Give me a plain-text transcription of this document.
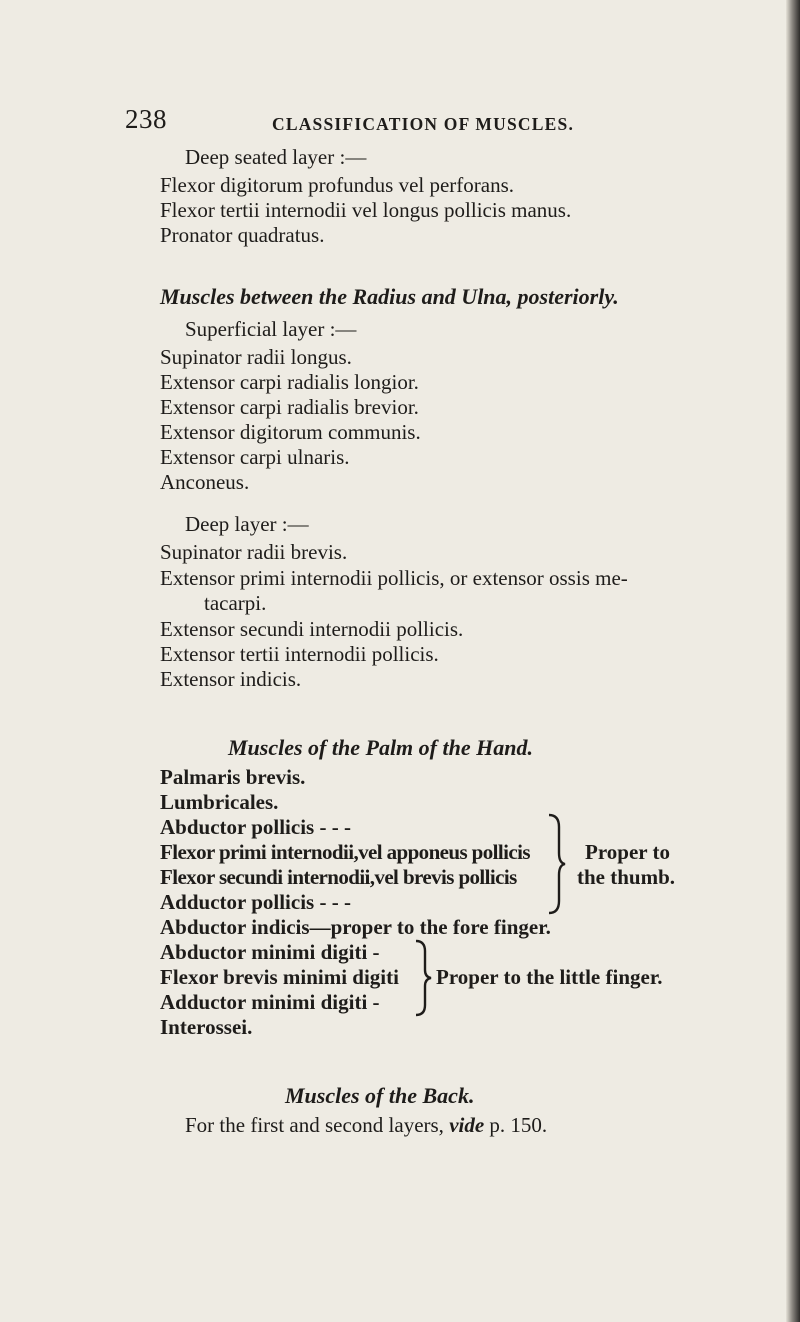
238	CLASSIFICATION OF MUSCLES.
Deep seated layer :—
Flexor digitorum profundus vel perforans.
Flexor tertii internodii vel longus pollicis manus.
Pronator quadratus.
Muscles between the Radius and Ulna, posteriorly.
Superficial layer :—
Supinator radii longus.
Extensor carpi radialis longior.
Extensor carpi radialis brevior.
Extensor digitorum communis.
Extensor carpi ulnaris.
Anconeus.
Deep layer :—
Supinator radii brevis.
Extensor primi internodii pollicis, or extensor ossis me-
tacarpi.
Extensor secundi internodii pollicis.
Extensor tertii internodii pollicis.
Extensor indicis.
Muscles of the Palm of the Hand.
Palmaris brevis.
Lumbricales.
Abductor pollicis - - -
Flexor primi internodii,vel apponeus pollicis
Flexor secundi internodii,vel brevis pollicis
Adductor pollicis - - -
Proper to
the thumb.
Abductor indicis—proper to the fore finger.
Abductor minimi digiti -
Flexor brevis minimi digiti
Adductor minimi digiti -
Proper to the little finger.
Interossei.
Muscles of the Back.
For the first and second layers, vide p. 150.
